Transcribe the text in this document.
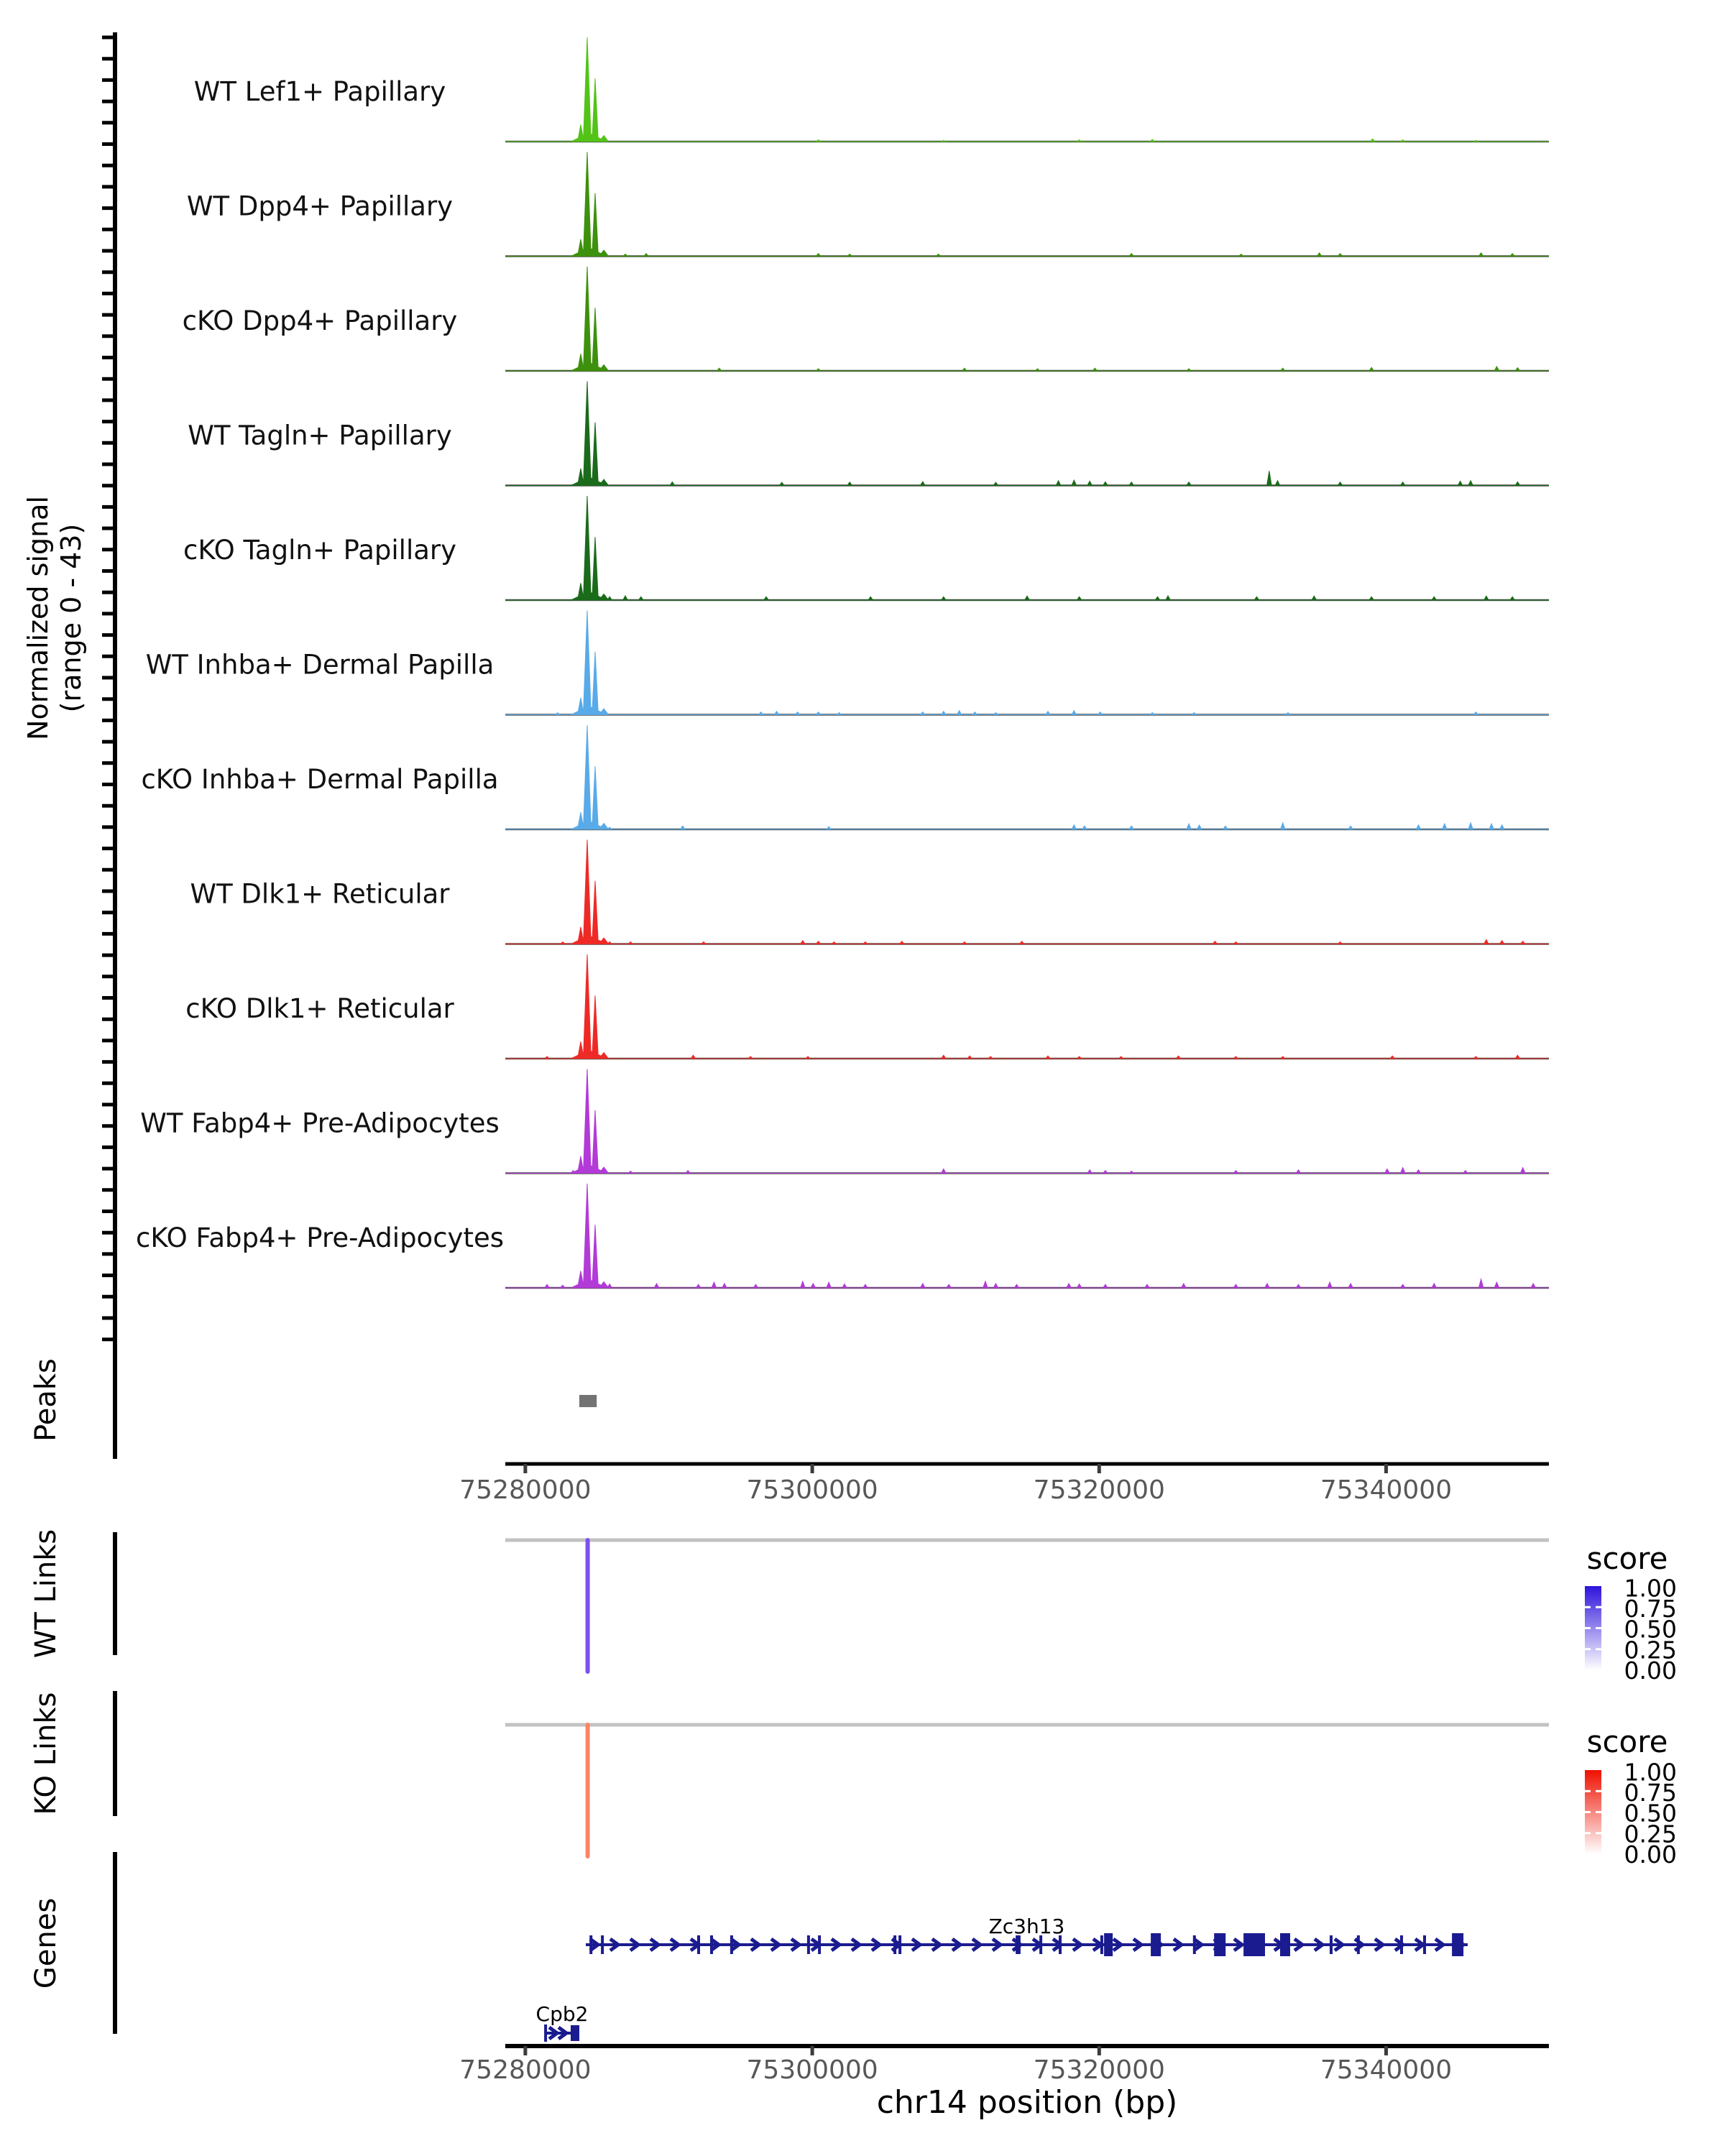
Normalized signal (range 0 - 43)
WT Lef1+ Papillary
WT Dpp4+ Papillary
cKO Dpp4+ Papillary
WT Tagln+ Papillary
cKO Tagln+ Papillary
WT Inhba+ Dermal Papilla
cKO Inhba+ Dermal Papilla
WT Dlk1+ Reticular
cKO Dlk1+ Reticular
WT Fabp4+ Pre-Adipocytes
cKO Fabp4+ Pre-Adipocytes
Peaks
75280000	75300000	75320000	75340000
75280000	75300000	75320000	75340000
chr14 position (bp)
WT Links	score
1.00
0.75
0.50
0.25
0.00
KO Links	score
1.00
0.75
0.50
0.25
0.00
Genes	Zc3h13
Cpb2
